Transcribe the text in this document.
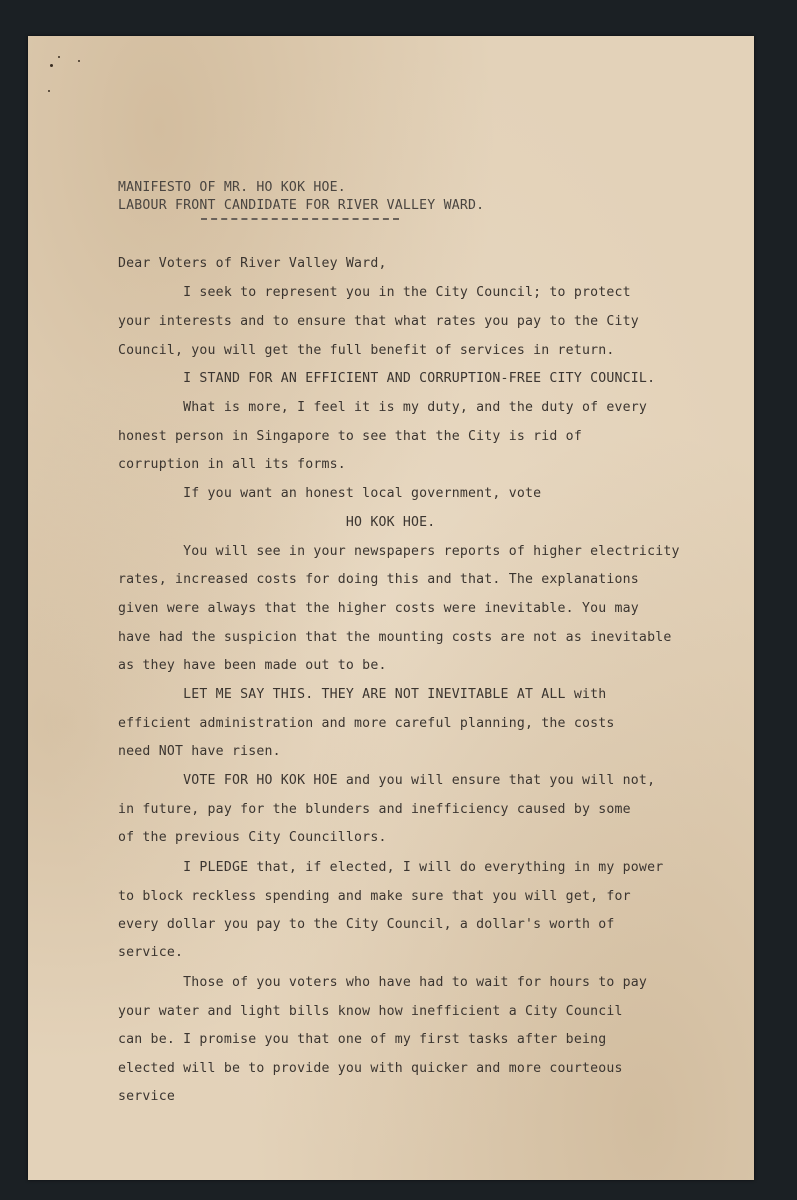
MANIFESTO OF MR. HO KOK HOE.

LABOUR FRONT CANDIDATE FOR RIVER VALLEY WARD.

Dear Voters of River Valley Ward,

I seek to represent you in the City Council; to protect

your interests and to ensure that what rates you pay to the City

Council, you will get the full benefit of services in return.

I STAND FOR AN EFFICIENT AND CORRUPTION-FREE CITY COUNCIL.

What is more, I feel it is my duty, and the duty of every

honest person in Singapore to see that the City is rid of

corruption in all its forms.

If you want an honest local government, vote

HO KOK HOE.

You will see in your newspapers reports of higher electricity

rates, increased costs for doing this and that. The explanations

given were always that the higher costs were inevitable. You may

have had the suspicion that the mounting costs are not as inevitable

as they have been made out to be.

LET ME SAY THIS. THEY ARE NOT INEVITABLE AT ALL with

efficient administration and more careful planning, the costs

need NOT have risen.

VOTE FOR HO KOK HOE and you will ensure that you will not,

in future, pay for the blunders and inefficiency caused by some

of the previous City Councillors.

I PLEDGE that, if elected, I will do everything in my power

to block reckless spending and make sure that you will get, for

every dollar you pay to the City Council, a dollar's worth of

service.

Those of you voters who have had to wait for hours to pay

your water and light bills know how inefficient a City Council

can be. I promise you that one of my first tasks after being

elected will be to provide you with quicker and more courteous

service
